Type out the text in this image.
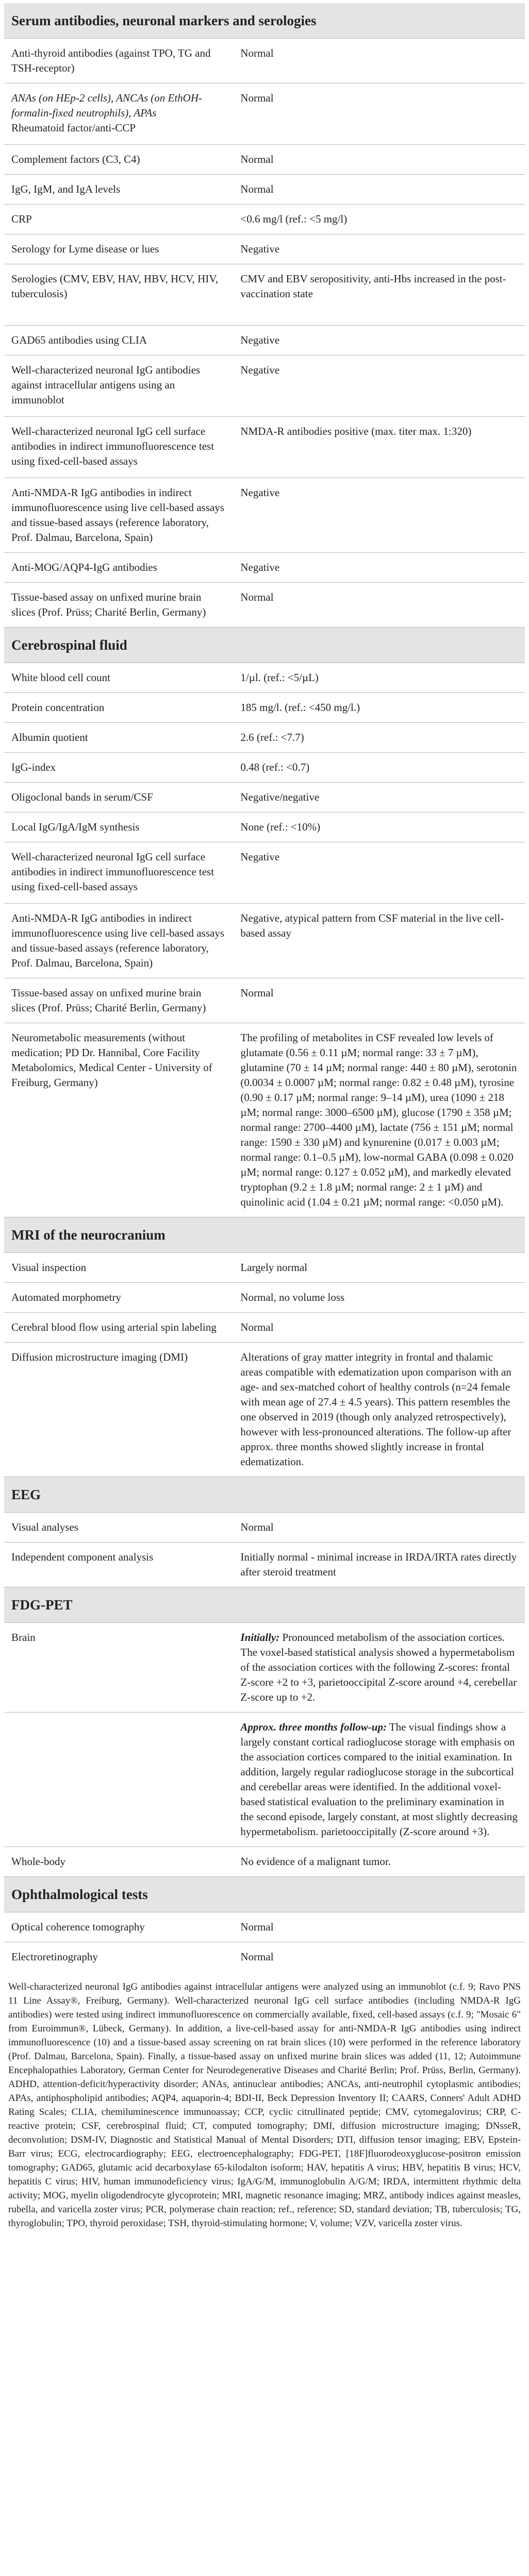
Serum antibodies, neuronal markers and serologies	
Anti-thyroid antibodies (against TPO, TG and TSH-receptor)	Normal

ANAs (on HEp-2 cells), ANCAs (on EthOH-formalin-fixed neutrophils), APAs
Rheumatoid factor/anti-CCP	Normal
Complement factors (C3, C4)	Normal
IgG, IgM, and IgA levels	Normal
CRP	<0.6 mg/l (ref.: <5 mg/l)
Serology for Lyme disease or lues	Negative
Serologies (CMV, EBV, HAV, HBV, HCV, HIV, tuberculosis)	CMV and EBV seropositivity, anti-Hbs increased in the post-vaccination state
GAD65 antibodies using CLIA	Negative
Well-characterized neuronal IgG antibodies against intracellular antigens using an immunoblot	Negative
Well-characterized neuronal IgG cell surface antibodies in indirect immunofluorescence test using fixed-cell-based assays	NMDA-R antibodies positive (max. titer max. 1:320)
Anti-NMDA-R IgG antibodies in indirect immunofluorescence using live cell-based assays and tissue-based assays (reference laboratory, Prof. Dalmau, Barcelona, Spain)	Negative
Anti-MOG/AQP4-IgG antibodies	Negative
Tissue-based assay on unfixed murine brain slices (Prof. Prüss; Charité Berlin, Germany)	Normal
Cerebrospinal fluid	
White blood cell count	1/µl. (ref.: <5/µL)
Protein concentration	185 mg/l. (ref.: <450 mg/l.)
Albumin quotient	2.6 (ref.: <7.7)
IgG-index	0.48 (ref.: <0.7)
Oligoclonal bands in serum/CSF	Negative/negative
Local IgG/IgA/IgM synthesis	None (ref.: <10%)
Well-characterized neuronal IgG cell surface antibodies in indirect immunofluorescence test using fixed-cell-based assays	Negative
Anti-NMDA-R IgG antibodies in indirect immunofluorescence using live cell-based assays and tissue-based assays (reference laboratory, Prof. Dalmau, Barcelona, Spain)	Negative, atypical pattern from CSF material in the live cell-based assay
Tissue-based assay on unfixed murine brain slices (Prof. Prüss; Charité Berlin, Germany)	Normal
Neurometabolic measurements (without medication; PD Dr. Hannibal, Core Facility Metabolomics, Medical Center - University of Freiburg, Germany)	The profiling of metabolites in CSF revealed low levels of glutamate (0.56 ± 0.11 µM; normal range: 33 ± 7 µM), glutamine (70 ± 14 µM; normal range: 440 ± 80 µM), serotonin (0.0034 ± 0.0007 µM; normal range: 0.82 ± 0.48 µM), tyrosine (0.90 ± 0.17 µM; normal range: 9–14 µM), urea (1090 ± 218 µM; normal range: 3000–6500 µM), glucose (1790 ± 358 µM; normal range: 2700–4400 µM), lactate (756 ± 151 µM; normal range: 1590 ± 330 µM) and kynurenine (0.017 ± 0.003 µM; normal range: 0.1–0.5 µM), low-normal GABA (0.098 ± 0.020 µM; normal range: 0.127 ± 0.052 µM), and markedly elevated tryptophan (9.2 ± 1.8 µM; normal range: 2 ± 1 µM) and quinolinic acid (1.04 ± 0.21 µM; normal range: <0.050 µM).
MRI of the neurocranium	
Visual inspection	Largely normal
Automated morphometry	Normal, no volume loss
Cerebral blood flow using arterial spin labeling	Normal
Diffusion microstructure imaging (DMI)	Alterations of gray matter integrity in frontal and thalamic areas compatible with edematization upon comparison with an age- and sex-matched cohort of healthy controls (n=24 female with mean age of 27.4 ± 4.5 years). This pattern resembles the one observed in 2019 (though only analyzed retrospectively), however with less-pronounced alterations. The follow-up after approx. three months showed slightly increase in frontal edematization.
EEG	
Visual analyses	Normal
Independent component analysis	Initially normal - minimal increase in IRDA/IRTA rates directly after steroid treatment
FDG-PET	
Brain	Initially: Pronounced metabolism of the association cortices. The voxel-based statistical analysis showed a hypermetabolism of the association cortices with the following Z-scores: frontal Z-score +2 to +3, parietooccipital Z-score around +4, cerebellar Z-score up to +2.
	Approx. three months follow-up: The visual findings show a largely constant cortical radioglucose storage with emphasis on the association cortices compared to the initial examination. In addition, largely regular radioglucose storage in the subcortical and cerebellar areas were identified. In the additional voxel-based statistical evaluation to the preliminary examination in the second episode, largely constant, at most slightly decreasing hypermetabolism. parietooccipitally (Z-score around +3).
Whole-body	No evidence of a malignant tumor.
Ophthalmological tests	
Optical coherence tomography	Normal
Electroretinography	Normal
Well-characterized neuronal IgG antibodies against intracellular antigens were analyzed using an immunoblot (c.f. 9; Ravo PNS 11 Line Assay®, Freiburg, Germany). Well-characterized neuronal IgG cell surface antibodies (including NMDA-R IgG antibodies) were tested using indirect immunofluorescence on commercially available, fixed, cell-based assays (c.f. 9; "Mosaic 6" from Euroimmun®, Lübeck, Germany). In addition, a live-cell-based assay for anti-NMDA-R IgG antibodies using indirect immunofluorescence (10) and a tissue-based assay screening on rat brain slices (10) were performed in the reference laboratory (Prof. Dalmau, Barcelona, Spain). Finally, a tissue-based assay on unfixed murine brain slices was added (11, 12; Autoimmune Encephalopathies Laboratory, German Center for Neurodegenerative Diseases and Charité Berlin; Prof. Prüss, Berlin, Germany). ADHD, attention-deficit/hyperactivity disorder; ANAs, antinuclear antibodies; ANCAs, anti-neutrophil cytoplasmic antibodies; APAs, antiphospholipid antibodies; AQP4, aquaporin-4; BDI-II, Beck Depression Inventory II; CAARS, Conners' Adult ADHD Rating Scales; CLIA, chemiluminescence immunoassay; CCP, cyclic citrullinated peptide; CMV, cytomegalovirus; CRP, C-reactive protein; CSF, cerebrospinal fluid; CT, computed tomography; DMI, diffusion microstructure imaging; DNsseR, deconvolution; DSM-IV, Diagnostic and Statistical Manual of Mental Disorders; DTI, diffusion tensor imaging; EBV, Epstein-Barr virus; ECG, electrocardiography; EEG, electroencephalography; FDG-PET, [18F]fluorodeoxyglucose-positron emission tomography; GAD65, glutamic acid decarboxylase 65-kilodalton isoform; HAV, hepatitis A virus; HBV, hepatitis B virus; HCV, hepatitis C virus; HIV, human immunodeficiency virus; IgA/G/M, immunoglobulin A/G/M; IRDA, intermittent rhythmic delta activity; MOG, myelin oligodendrocyte glycoprotein; MRI, magnetic resonance imaging; MRZ, antibody indices against measles, rubella, and varicella zoster virus; PCR, polymerase chain reaction; ref., reference; SD, standard deviation; TB, tuberculosis; TG, thyroglobulin; TPO, thyroid peroxidase; TSH, thyroid-stimulating hormone; V, volume; VZV, varicella zoster virus.
